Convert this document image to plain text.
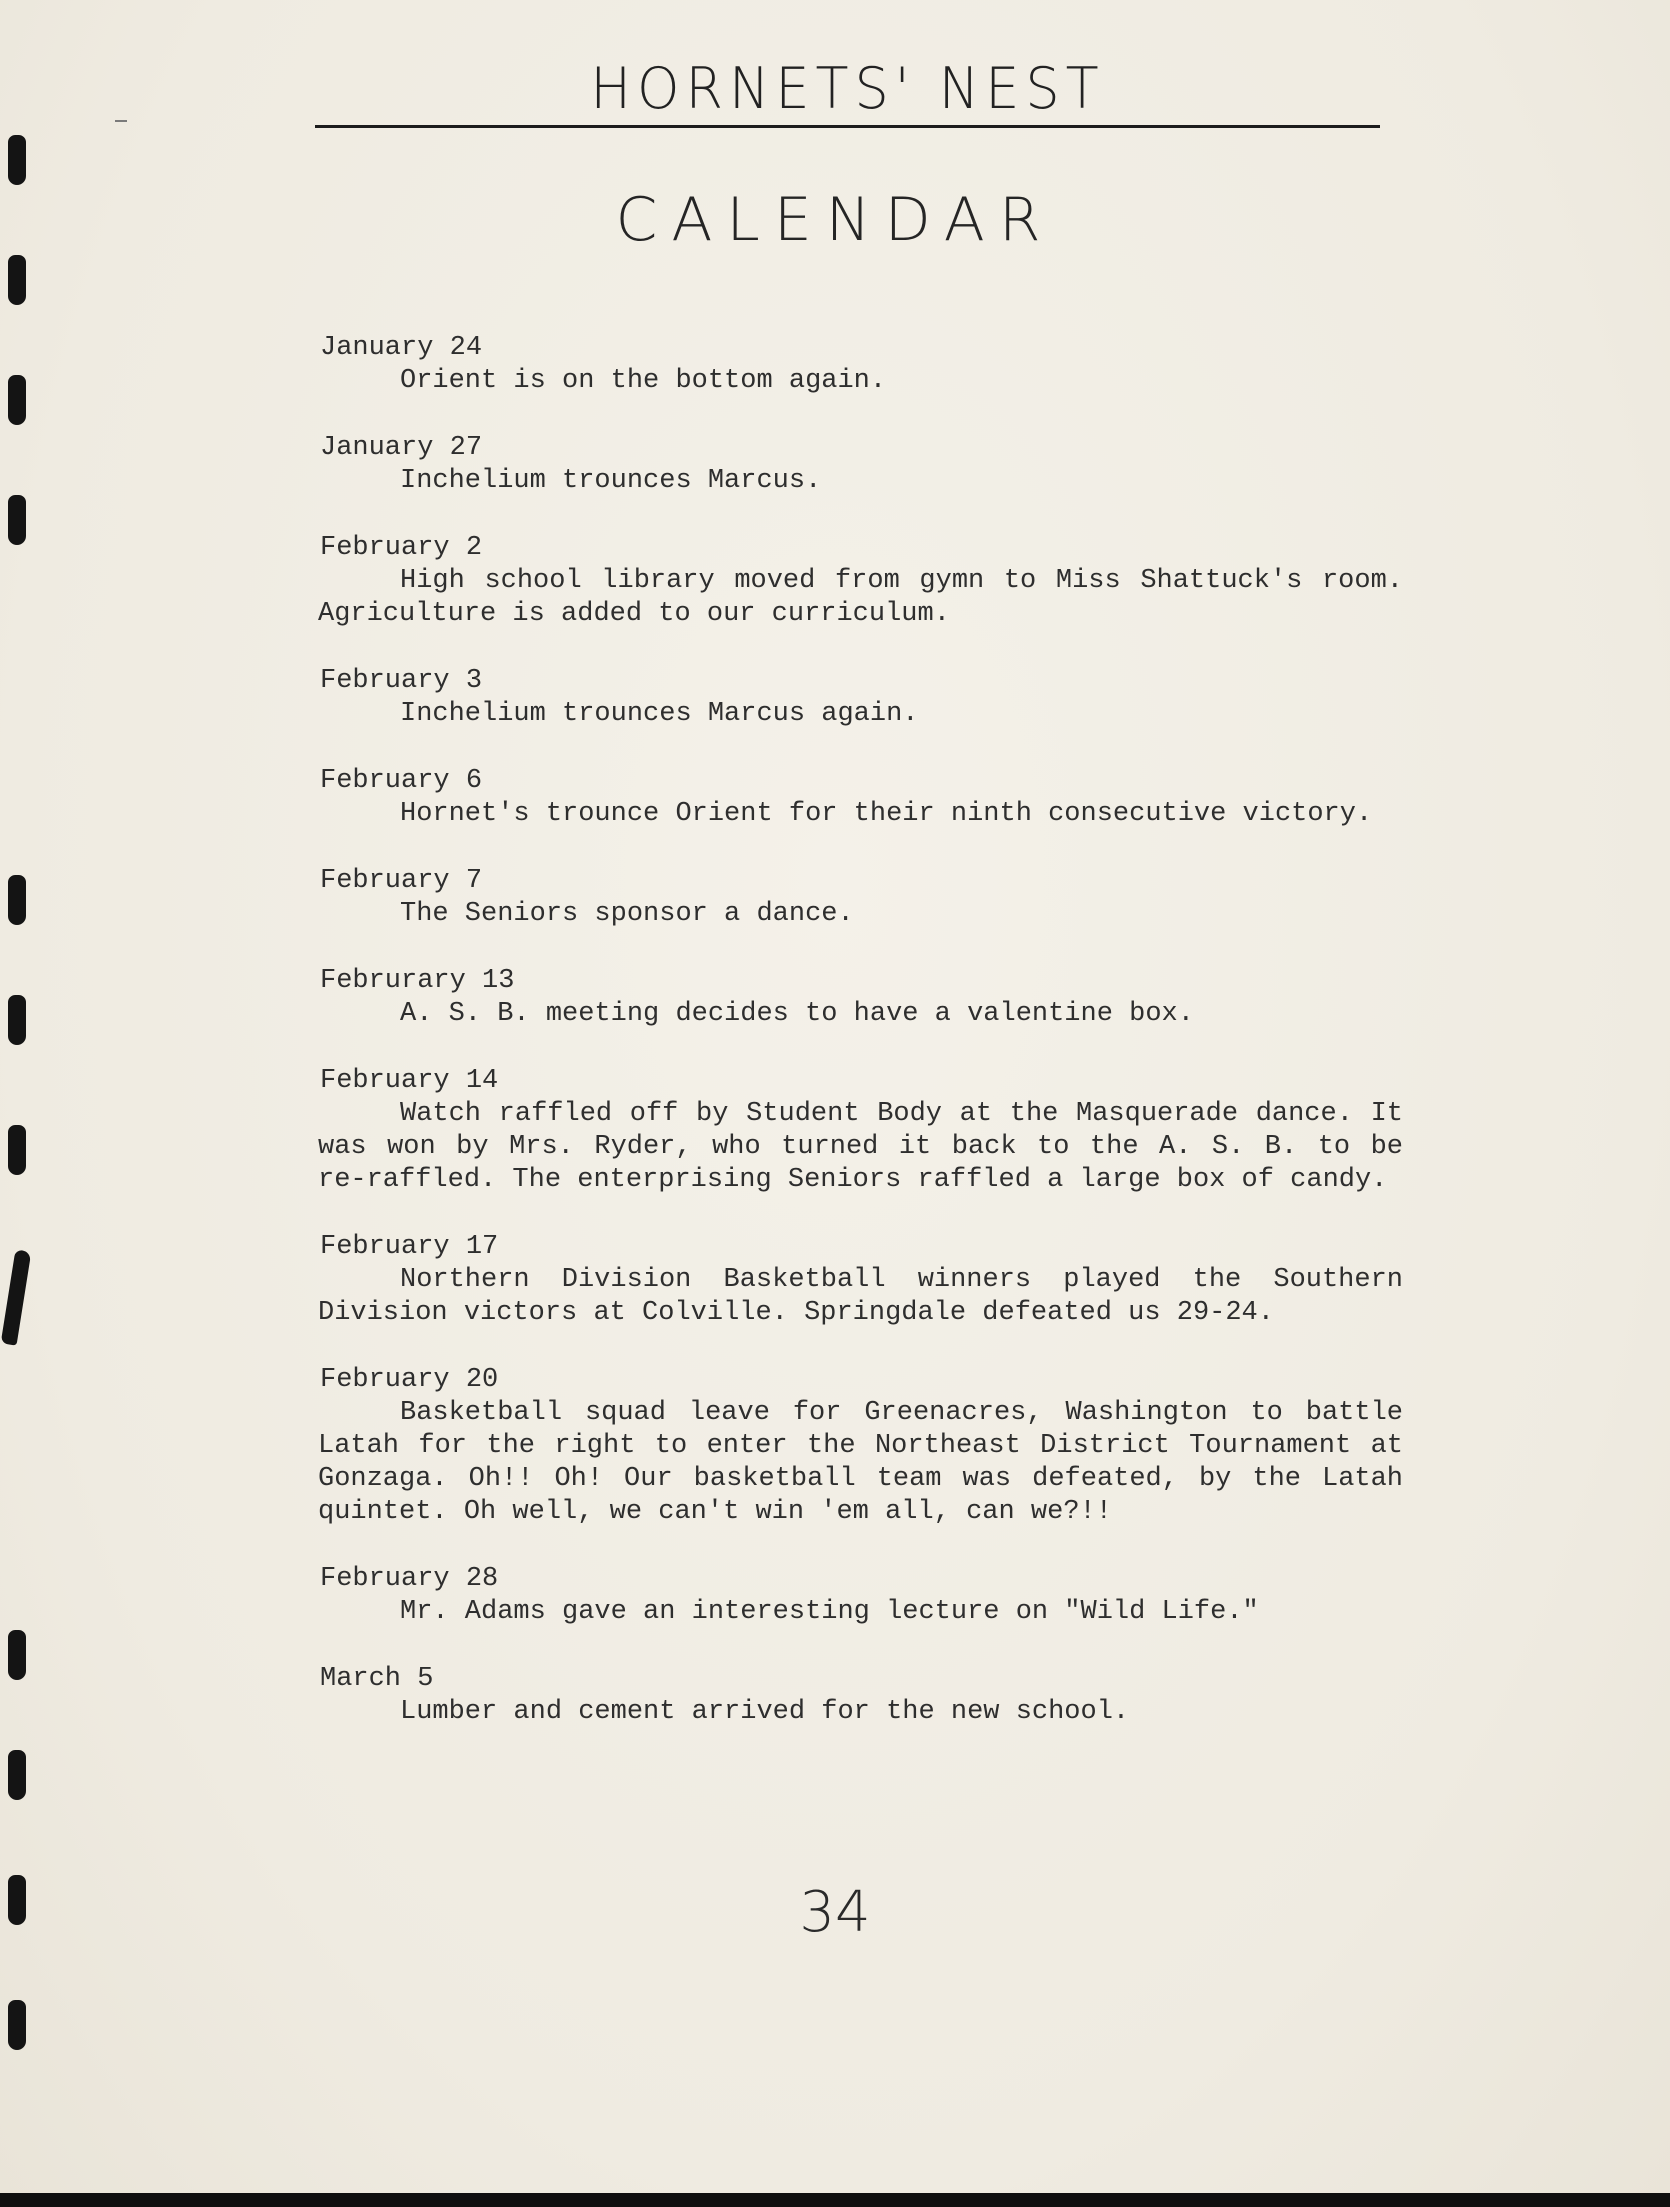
HORNETS' NEST
CALENDAR
January 24
Orient is on the bottom again.
January 27
Inchelium trounces Marcus.
February 2
High school library moved from gymn to Miss Shattuck's room. Agriculture is added to our curriculum.
February 3
Inchelium trounces Marcus again.
February 6
Hornet's trounce Orient for their ninth consecutive victory.
February 7
The Seniors sponsor a dance.
Februrary 13
A. S. B. meeting decides to have a valentine box.
February 14
Watch raffled off by Student Body at the Masquerade dance. It was won by Mrs. Ryder, who turned it back to the A. S. B. to be re-raffled. The enterprising Seniors raffled a large box of candy.
February 17
Northern Division Basketball winners played the Southern Division victors at Colville. Springdale defeated us 29-24.
February 20
Basketball squad leave for Greenacres, Washington to battle Latah for the right to enter the Northeast District Tournament at Gonzaga. Oh!! Oh! Our basketball team was defeated, by the Latah quintet. Oh well, we can't win 'em all, can we?!!
February 28
Mr. Adams gave an interesting lecture on "Wild Life."
March 5
Lumber and cement arrived for the new school.
34
